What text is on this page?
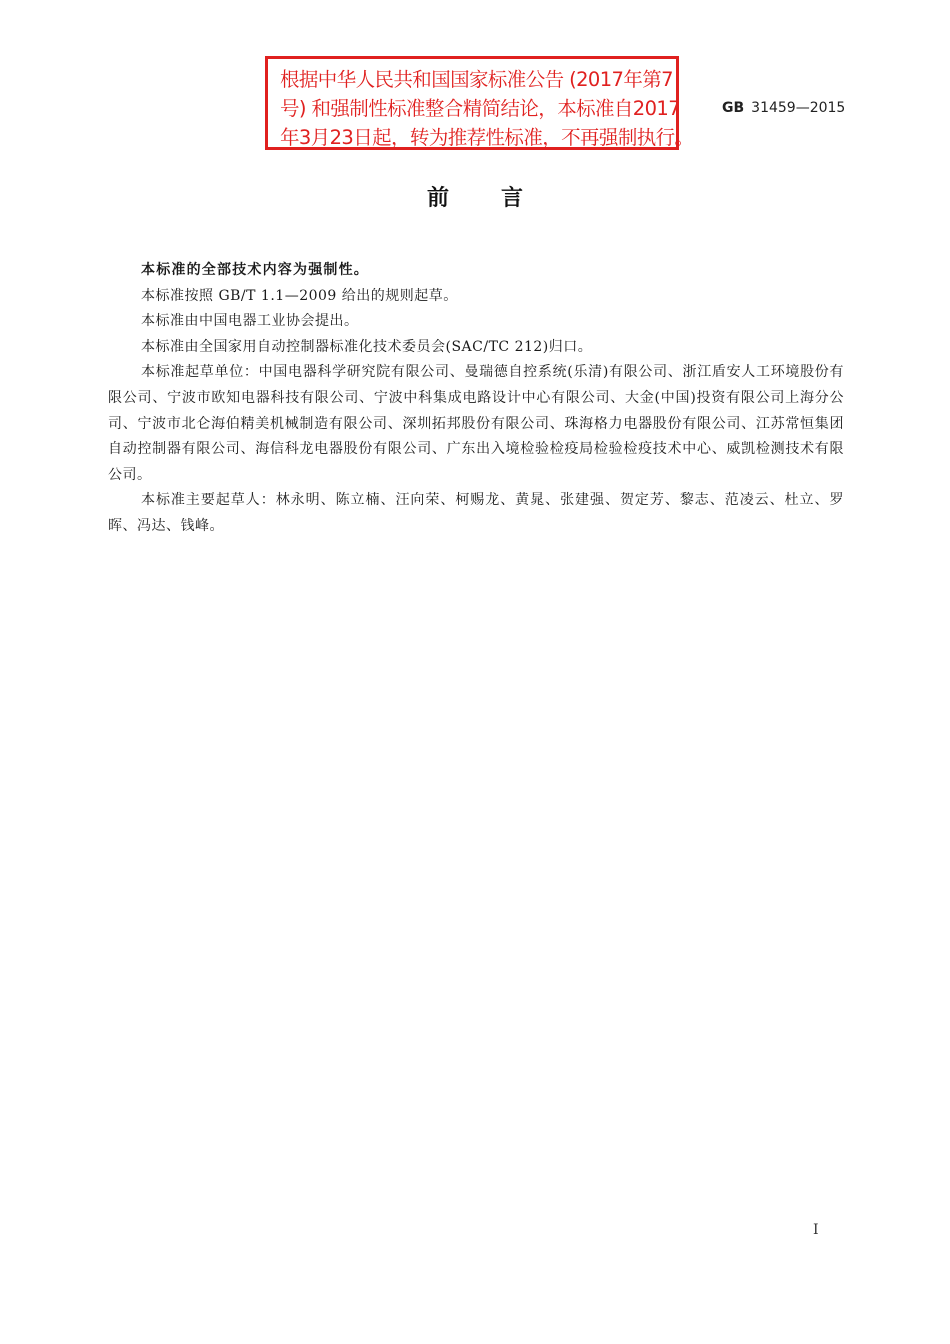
根据中华人民共和国国家标准公告 (2017年第7
号) 和强制性标准整合精简结论，本标准自2017
年3月23日起，转为推荐性标准，不再强制执行。
GB 31459—2015
前言

本标准的全部技术内容为强制性。

本标准按照 GB/T 1.1—2009 给出的规则起草。

本标准由中国电器工业协会提出。

本标准由全国家用自动控制器标准化技术委员会(SAC/TC 212)归口。

本标准起草单位：中国电器科学研究院有限公司、曼瑞德自控系统(乐清)有限公司、浙江盾安人工环境股份有限公司、宁波市欧知电器科技有限公司、宁波中科集成电路设计中心有限公司、大金(中国)投资有限公司上海分公司、宁波市北仑海伯精美机械制造有限公司、深圳拓邦股份有限公司、珠海格力电器股份有限公司、江苏常恒集团自动控制器有限公司、海信科龙电器股份有限公司、广东出入境检验检疫局检验检疫技术中心、威凯检测技术有限公司。

本标准主要起草人：林永明、陈立楠、汪向荣、柯赐龙、黄晁、张建强、贺定芳、黎志、范凌云、杜立、罗晖、冯达、钱峰。

I
